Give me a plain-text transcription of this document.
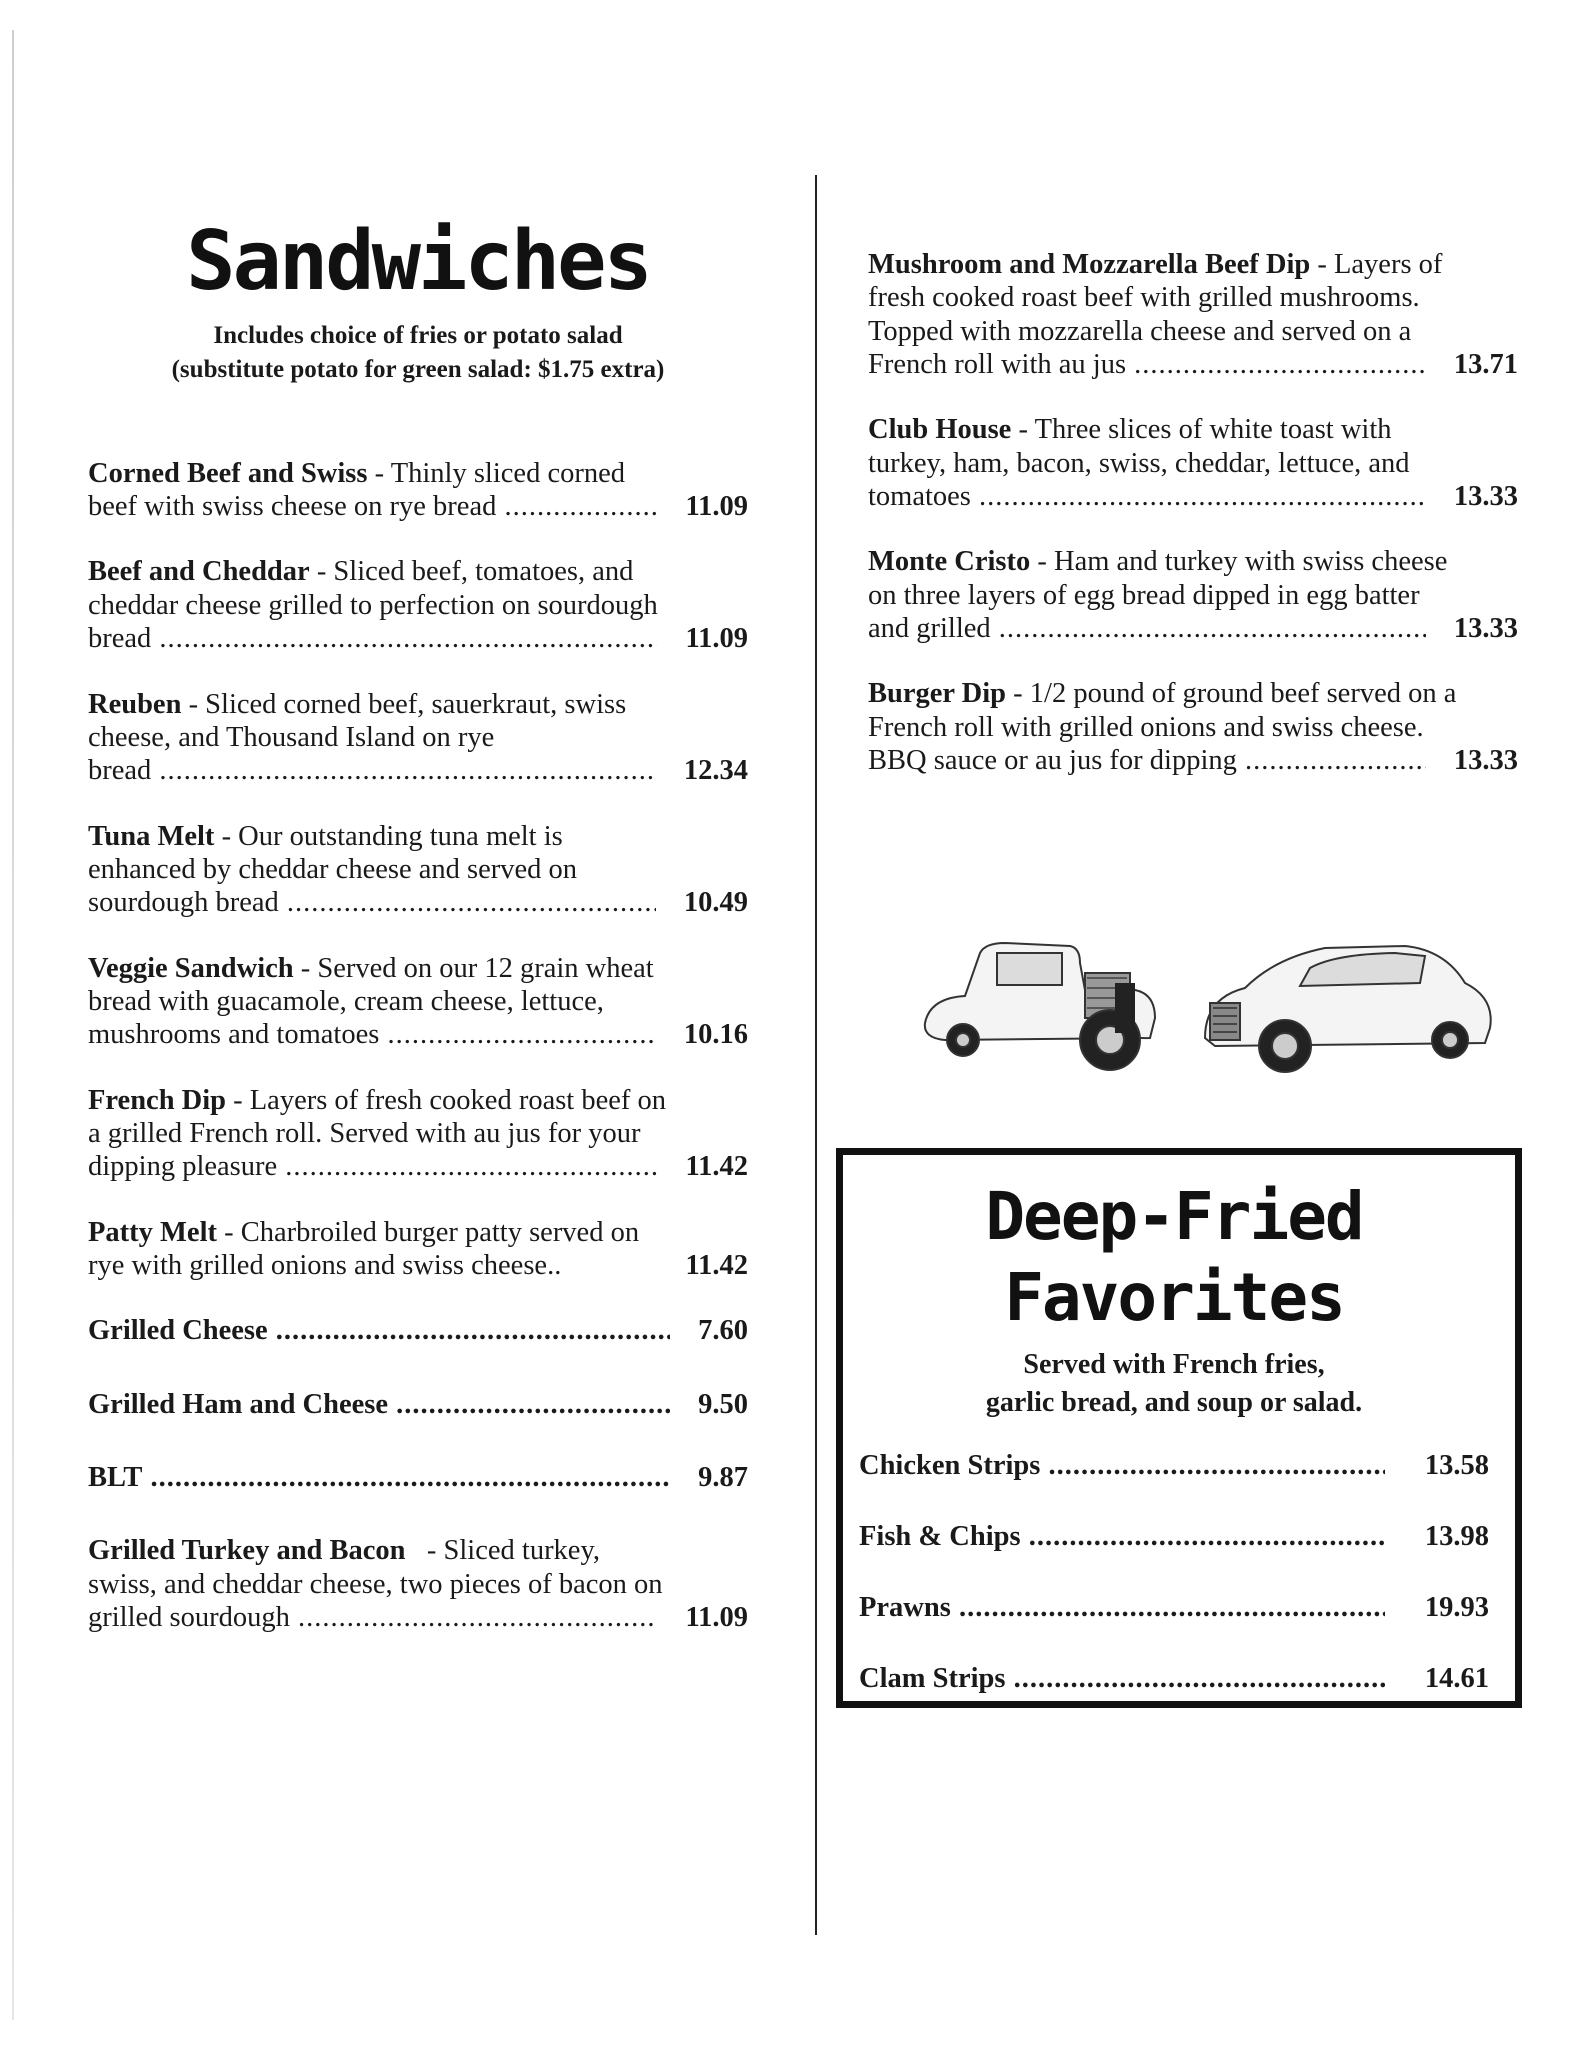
Sandwiches
Includes choice of fries or potato salad
(substitute potato for green salad: $1.75 extra)
Corned Beef and Swiss - Thinly sliced corned
beef with swiss cheese on rye bread .....	11.09
Beef and Cheddar - Sliced beef, tomatoes, and
cheddar cheese grilled to perfection on sourdough
bread .....	11.09
Reuben - Sliced corned beef, sauerkraut, swiss
cheese, and Thousand Island on rye
bread .....	12.34
Tuna Melt - Our outstanding tuna melt is
enhanced by cheddar cheese and served on
sourdough bread .....	10.49
Veggie Sandwich - Served on our 12 grain wheat
bread with guacamole, cream cheese, lettuce,
mushrooms and tomatoes .....	10.16
French Dip - Layers of fresh cooked roast beef on
a grilled French roll. Served with au jus for your
dipping pleasure .....	11.42
Patty Melt - Charbroiled burger patty served on
rye with grilled onions and swiss cheese..	11.42
Grilled Cheese .....	7.60
Grilled Ham and Cheese .....	9.50
BLT .....	9.87
Grilled Turkey and Bacon   - Sliced turkey,
swiss, and cheddar cheese, two pieces of bacon on
grilled sourdough .....	11.09
Mushroom and Mozzarella Beef Dip - Layers of
fresh cooked roast beef with grilled mushrooms.
Topped with mozzarella cheese and served on a
French roll with au jus .....	13.71
Club House - Three slices of white toast with
turkey, ham, bacon, swiss, cheddar, lettuce, and
tomatoes .....	13.33
Monte Cristo - Ham and turkey with swiss cheese
on three layers of egg bread dipped in egg batter
and grilled .....	13.33
Burger Dip - 1/2 pound of ground beef served on a
French roll with grilled onions and swiss cheese.
BBQ sauce or au jus for dipping .....	13.33
Deep-Fried
Favorites
Served with French fries,
garlic bread, and soup or salad.
Chicken Strips .....	13.58
Fish & Chips .....	13.98
Prawns .....	19.93
Clam Strips .....	14.61
